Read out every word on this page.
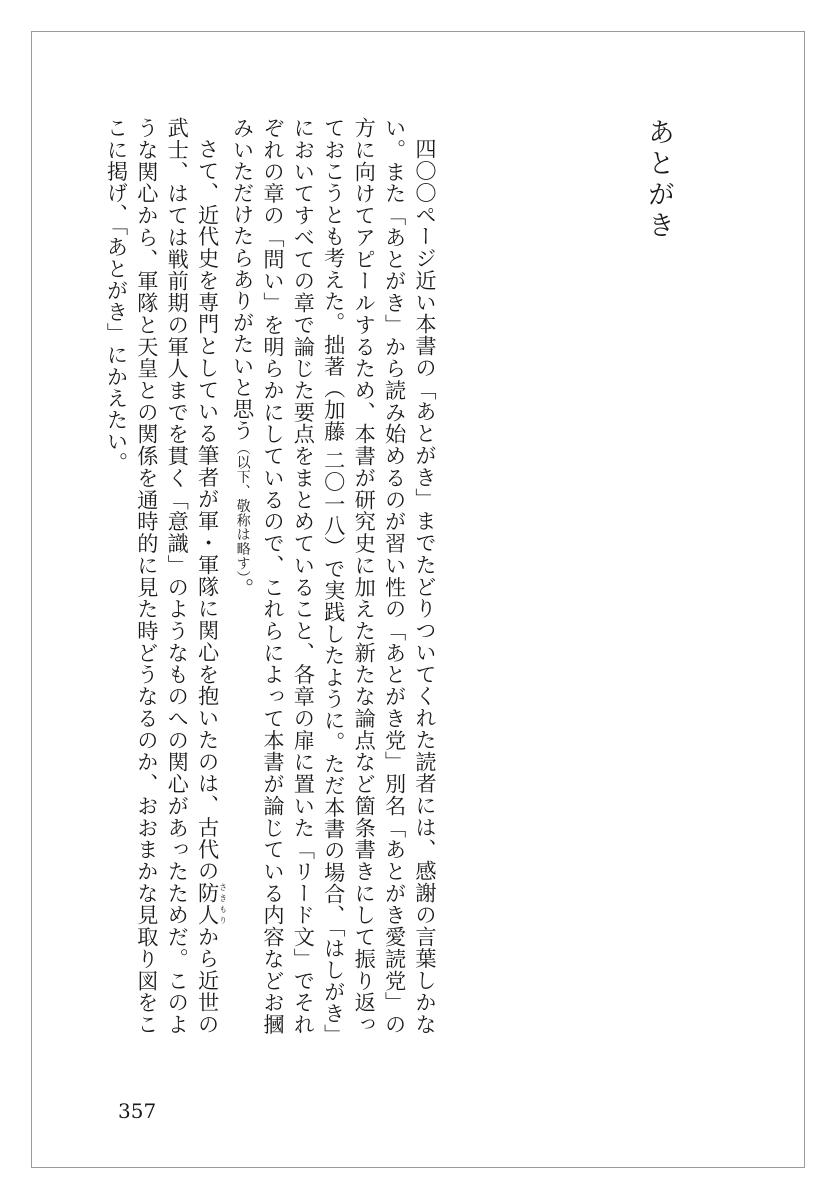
あとがき

四〇〇ページ近い本書の「あとがき」までたどりついてくれた読者には、感謝の言葉しかない。また「あとがき」から読み始めるのが習い性の「あとがき党」別名「あとがき愛読党」の方に向けてアピールするため、本書が研究史に加えた新たな論点など箇条書きにして振り返っておこうとも考えた。拙著（加藤 二〇一八）で実践したように。ただ本書の場合、「はしがき」においてすべての章で論じた要点をまとめていること、各章の扉に置いた「リード文」でそれぞれの章の「問い」を明らかにしているので、これらによって本書が論じている内容などお摑みいただけたらありがたいと思う（以下、敬称は略す）。

さて、近代史を専門としている筆者が軍・軍隊に関心を抱いたのは、古代の防人さきもりから近世の武士、はては戦前期の軍人までを貫く「意識」のようなものへの関心があったためだ。このような関心から、軍隊と天皇との関係を通時的に見た時どうなるのか、おおまかな見取り図をここに掲げ、「あとがき」にかえたい。

357
